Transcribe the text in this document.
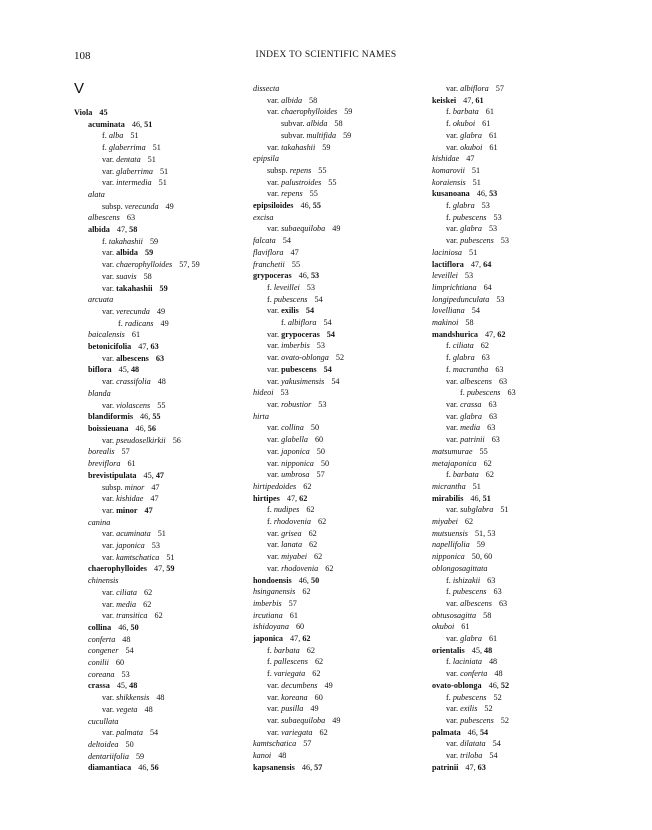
108	INDEX TO SCIENTIFIC NAMES
V
Viola 45
acuminata 46, 51
f. alba 51
f. glaberrima 51
var. dentata 51
var. glaberrima 51
var. intermedia 51
alata
subsp. verecunda 49
albescens 63
albida 47, 58
f. takahashii 59
var. albida 59
var. chaerophylloides 57, 59
var. suavis 58
var. takahashii 59
arcuata
var. verecunda 49
f. radicans 49
baicalensis 61
betonicifolia 47, 63
var. albescens 63
biflora 45, 48
var. crassifolia 48
blanda
var. violascens 55
blandiformis 46, 55
boissieuana 46, 56
var. pseudoselkirkii 56
borealis 57
breviflora 61
brevistipulata 45, 47
subsp. minor 47
var. kishidae 47
var. minor 47
canina
var. acuminata 51
var. japonica 53
var. kamtschatica 51
chaerophylloides 47, 59
chinensis
var. ciliata 62
var. media 62
var. transitica 62
collina 46, 50
conferta 48
congener 54
conilii 60
coreana 53
crassa 45, 48
var. shikkensis 48
var. vegeta 48
cucullata
var. palmata 54
deltoidea 50
dentariifolia 59
diamantiaca 46, 56
dissecta
var. albida 58
var. chaerophylloides 59
subvar. albida 58
subvar. multifida 59
var. takahashii 59
epipsila
subsp. repens 55
var. palustroides 55
var. repens 55
epipsiloides 46, 55
excisa
var. subaequiloba 49
falcata 54
flaviflora 47
franchetii 55
grypoceras 46, 53
f. leveillei 53
f. pubescens 54
var. exilis 54
f. albiflora 54
var. grypoceras 54
var. imberbis 53
var. ovato-oblonga 52
var. pubescens 54
var. yakusimensis 54
hideoi 53
var. robustior 53
hirta
var. collina 50
var. glabella 60
var. japonica 50
var. nipponica 50
var. umbrosa 57
hirtipedoides 62
hirtipes 47, 62
f. nudipes 62
f. rhodovenia 62
var. grisea 62
var. lanata 62
var. miyabei 62
var. rhodovenia 62
hondoensis 46, 50
hsinganensis 62
imberbis 57
ircutiana 61
ishidoyana 60
japonica 47, 62
f. barbata 62
f. pallescens 62
f. variegata 62
var. decumbens 49
var. koreana 60
var. pusilla 49
var. subaequiloba 49
var. variegata 62
kamtschatica 57
kanoi 48
kapsanensis 46, 57
var. albiflora 57
keiskei 47, 61
f. barbata 61
f. okuboi 61
var. glabra 61
var. okuboi 61
kishidae 47
komarovii 51
koraiensis 51
kusanoana 46, 53
f. glabra 53
f. pubescens 53
var. glabra 53
var. pubescens 53
laciniosa 51
lactiflora 47, 64
leveillei 53
limprichtiana 64
longipedunculata 53
lovelliana 54
makinoi 58
mandshurica 47, 62
f. ciliata 62
f. glabra 63
f. macrantha 63
var. albescens 63
f. pubescens 63
var. crassa 63
var. glabra 63
var. media 63
var. patrinii 63
matsumurae 55
metajaponica 62
f. barbata 62
micrantha 51
mirabilis 46, 51
var. subglabra 51
miyabei 62
mutsuensis 51, 53
napellifolia 59
nipponica 50, 60
oblongosagittata
f. ishizakii 63
f. pubescens 63
var. albescens 63
obtusosagitta 58
okuboi 61
var. glabra 61
orientalis 45, 48
f. laciniata 48
var. conferta 48
ovato-oblonga 46, 52
f. pubescens 52
var. exilis 52
var. pubescens 52
palmata 46, 54
var. dilatata 54
var. triloba 54
patrinii 47, 63
